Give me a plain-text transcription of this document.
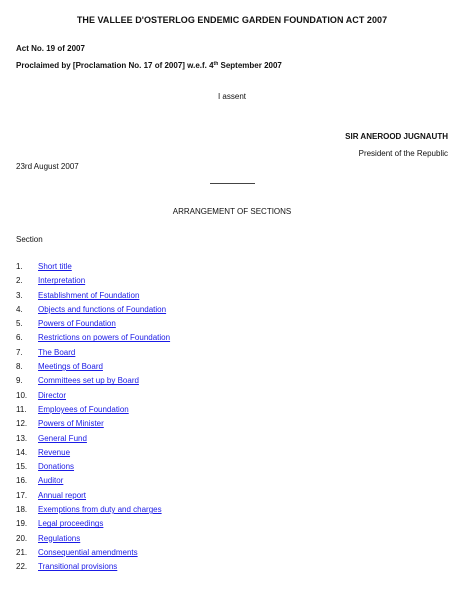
THE VALLEE D'OSTERLOG ENDEMIC GARDEN FOUNDATION ACT 2007
Act No. 19 of 2007
Proclaimed by [Proclamation No. 17 of 2007] w.e.f. 4th September 2007
I assent
SIR ANEROOD JUGNAUTH
President of the Republic
23rd August 2007
ARRANGEMENT OF SECTIONS
Section
1. Short title
2. Interpretation
3. Establishment of Foundation
4. Objects and functions of Foundation
5. Powers of Foundation
6. Restrictions on powers of Foundation
7. The Board
8. Meetings of Board
9. Committees set up by Board
10. Director
11. Employees of Foundation
12. Powers of Minister
13. General Fund
14. Revenue
15. Donations
16. Auditor
17. Annual report
18. Exemptions from duty and charges
19. Legal proceedings
20. Regulations
21. Consequential amendments
22. Transitional provisions
